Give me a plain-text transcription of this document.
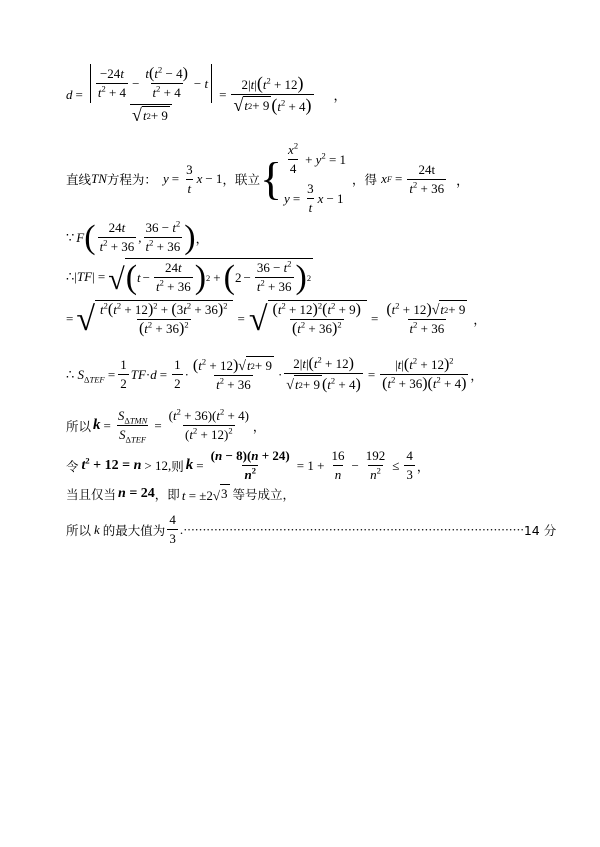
d =
−24t
$t^2 + 4$
− $\frac{t(t^2 - 4)}{t^2 + 4} - t$
√ t 2 + 9
= $\frac{2|t|(t^2 + 12)}{√ t 2 + 9 (t^2 + 4)}$ ，
直线 TN 方程为： $y = \frac{3}{t}$ x − 1 ，联立 {
$x^2$
4
+ $y^2 = 1$
$y = \frac{3}{t}$ x − 1
，得 x $F = \frac{24t}{t^2 + 36}$ ，
∵ F ( 24t
$t^2 + 36$
,
$36 - t^2$
$t^2 + 36$ ) ，
∴|TF| = √ ( $t - \frac{24t}{t^2 + 36}$ ) 2 + ( $2 - \frac{36 - t^2}{t^2 + 36}$ ) 2
= √ $t^2(t^2 + 12)^2 + (3t^2 + 36)^2$
$(t^2 + 36)^2$	= √ $(t^2 + 12)^2(t^2 + 9)$
$(t^2 + 36)^2 = \frac{(t^2 + 12) √ t 2 + 9}{t^2 + 36}$ ，
∴ $S_{\Delta TEF} = \frac{1}{2}$ TF · $d = \frac{1}{2} \cdot (t^2 + 12)$ √ t 2 + 9
$t^2 + 36$
· $\frac{2|t|(t^2 + 12)}{√ t 2 + 9 (t^2 + 4)} = \frac{|t|(t^2 + 12)^2}{(t^2 + 36)(t^2 + 4)}$ ，
所以 k =
$S_{\Delta TMN}$
$S_{\Delta TEF}$
= $\frac{(t^2 + 36)(t^2 + 4)}{(t^2 + 12)^2}$ ，
令 $t^2 + 12 = n > 12$, 则 $k = \frac{(n - 8)(n + 24)}{n^2} = 1 + \frac{16}{n} - \frac{192}{n^2} \le \frac{4}{3}$ ，
当且仅当 n = 24 ，即 t = ±2 √ 3 等号成立，
所以 k 的最大值为
4
3
. ························································································· 14 分
